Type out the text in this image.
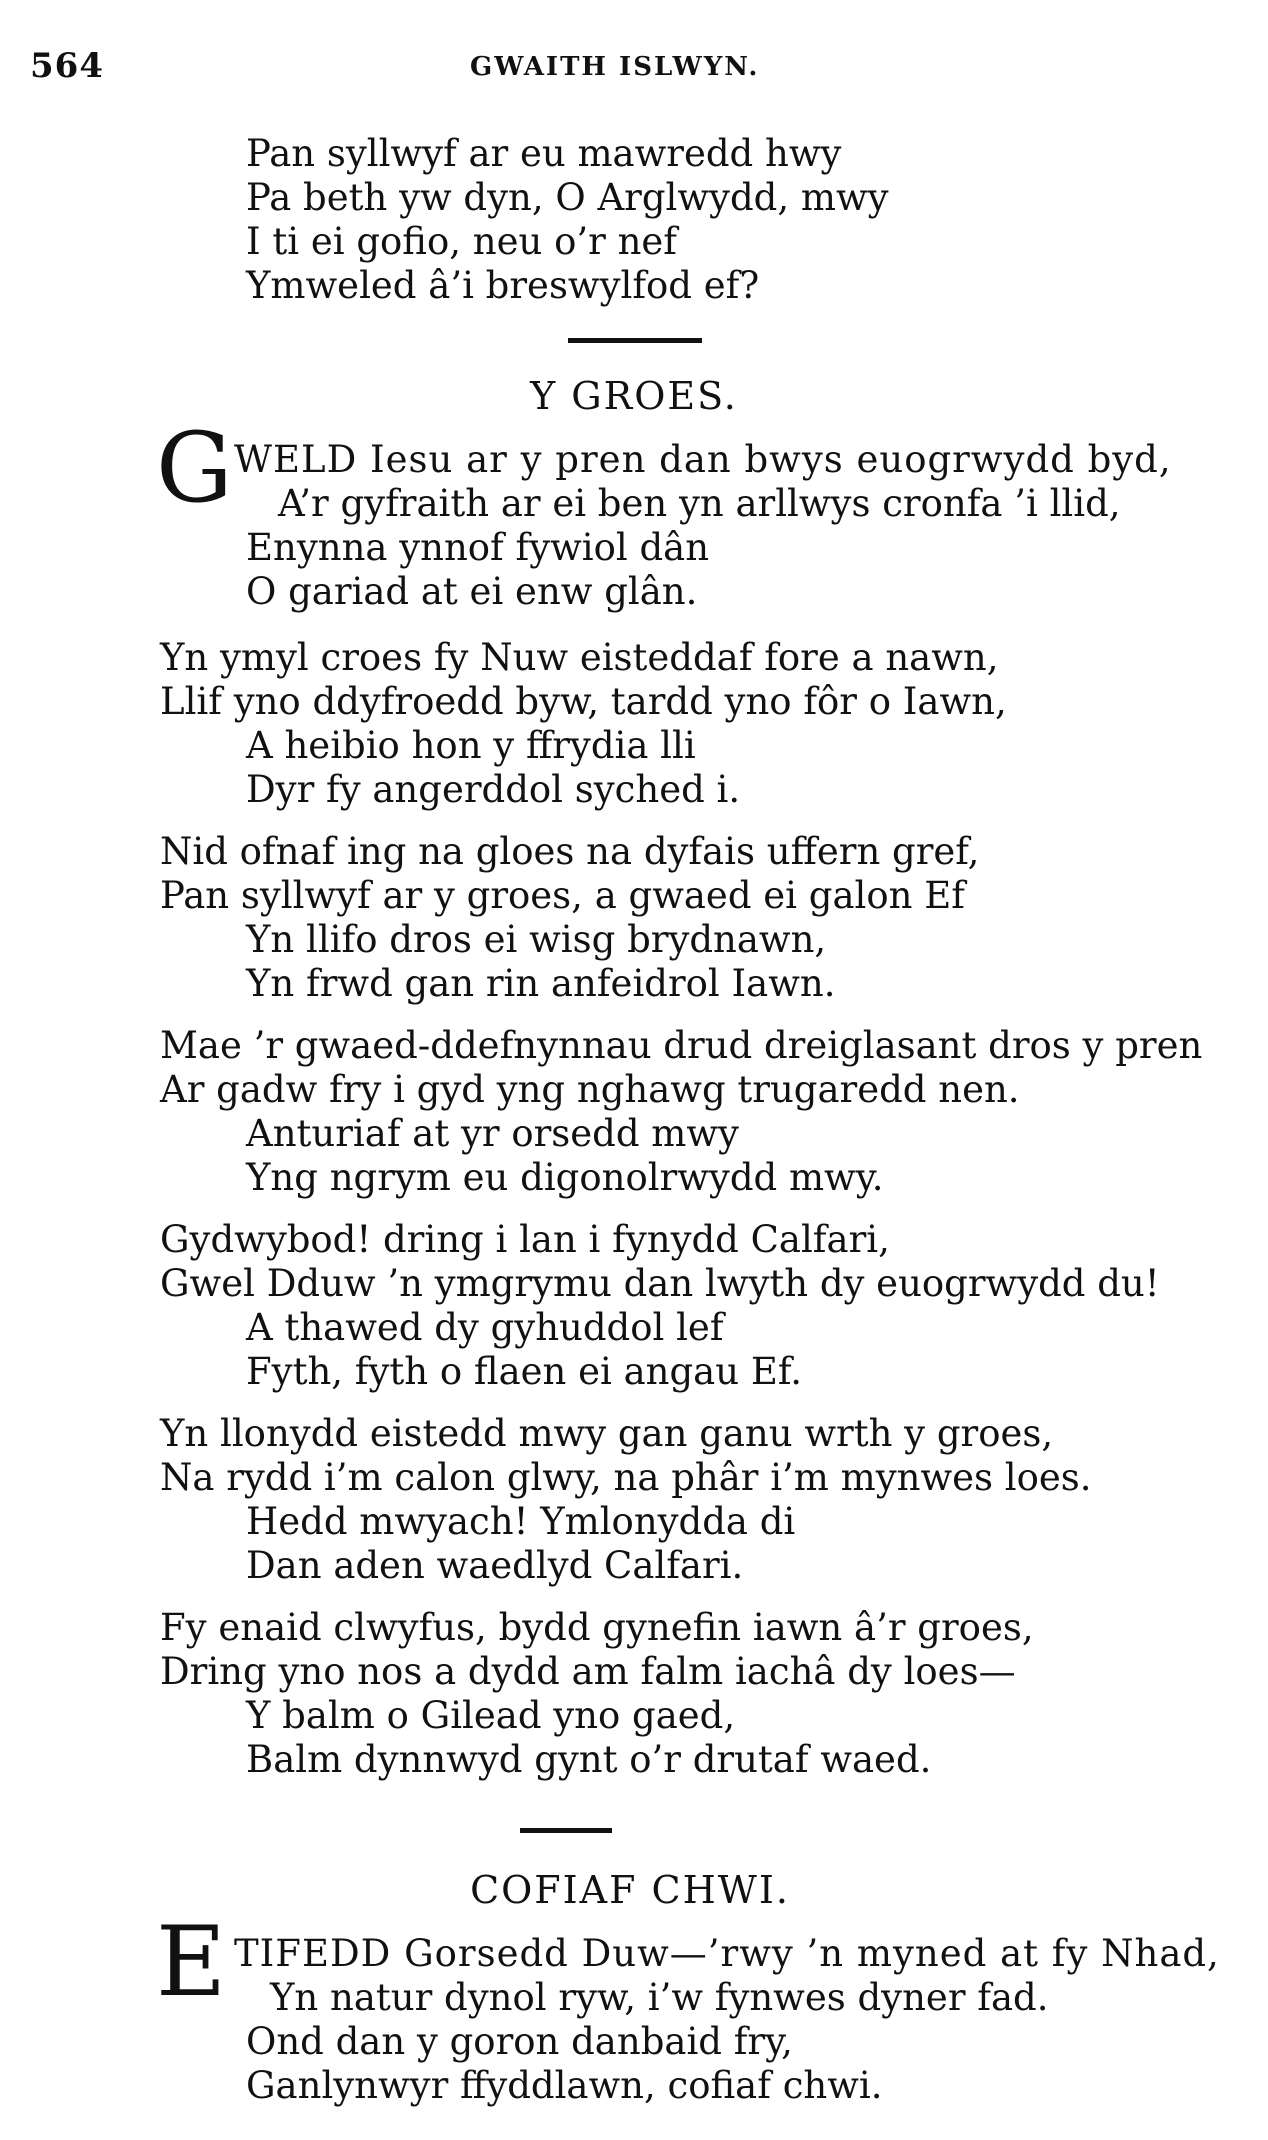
564	GWAITH ISLWYN.
Pan syllwyf ar eu mawredd hwy
Pa beth yw dyn, O Arglwydd, mwy
I ti ei gofio, neu o’r nef
Ymweled â’i breswylfod ef?
Y GROES.
G WELD Iesu ar y pren dan bwys euogrwydd byd,
A’r gyfraith ar ei ben yn arllwys cronfa ’i llid,
Enynna ynnof fywiol dân
O gariad at ei enw glân.
Yn ymyl croes fy Nuw eisteddaf fore a nawn,
Llif yno ddyfroedd byw, tardd yno fôr o Iawn,
A heibio hon y ffrydia lli
Dyr fy angerddol syched i.
Nid ofnaf ing na gloes na dyfais uffern gref,
Pan syllwyf ar y groes, a gwaed ei galon Ef
Yn llifo dros ei wisg brydnawn,
Yn frwd gan rin anfeidrol Iawn.
Mae ’r gwaed-ddefnynnau drud dreiglasant dros y pren
Ar gadw fry i gyd yng nghawg trugaredd nen.
Anturiaf at yr orsedd mwy
Yng ngrym eu digonolrwydd mwy.
Gydwybod! dring i lan i fynydd Calfari,
Gwel Dduw ’n ymgrymu dan lwyth dy euogrwydd du!
A thawed dy gyhuddol lef
Fyth, fyth o flaen ei angau Ef.
Yn llonydd eistedd mwy gan ganu wrth y groes,
Na rydd i’m calon glwy, na phâr i’m mynwes loes.
Hedd mwyach! Ymlonydda di
Dan aden waedlyd Calfari.
Fy enaid clwyfus, bydd gynefin iawn â’r groes,
Dring yno nos a dydd am falm iachâ dy loes—
Y balm o Gilead yno gaed,
Balm dynnwyd gynt o’r drutaf waed.
COFIAF CHWI.
E TIFEDD Gorsedd Duw—’rwy ’n myned at fy Nhad,
Yn natur dynol ryw, i’w fynwes dyner fad.
Ond dan y goron danbaid fry,
Ganlynwyr ffyddlawn, cofiaf chwi.
